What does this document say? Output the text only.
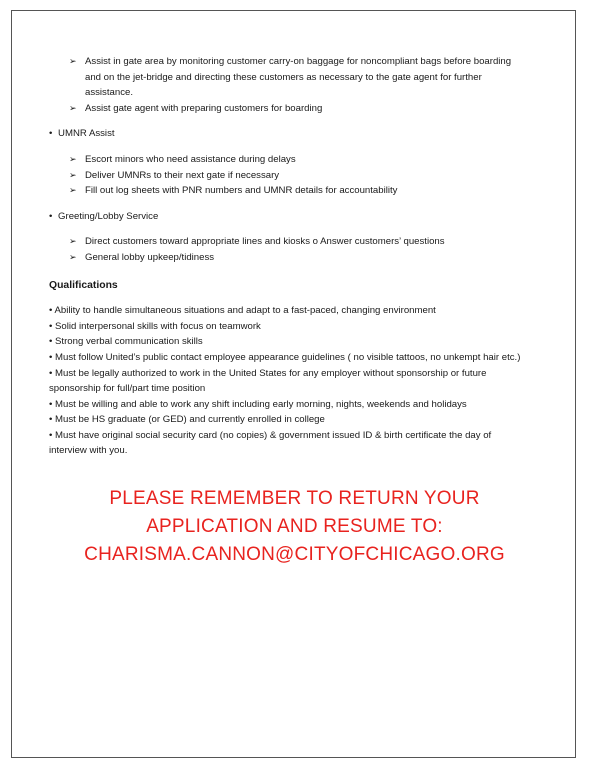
➢ Assist in gate area by monitoring customer carry-on baggage for noncompliant bags before boarding and on the jet-bridge and directing these customers as necessary to the gate agent for further assistance.
➢ Assist gate agent with preparing customers for boarding
• UMNR Assist
➢ Escort minors who need assistance during delays
➢ Deliver UMNRs to their next gate if necessary
➢ Fill out log sheets with PNR numbers and UMNR details for accountability
• Greeting/Lobby Service
➢ Direct customers toward appropriate lines and kiosks o Answer customers’ questions
➢ General lobby upkeep/tidiness
Qualifications
• Ability to handle simultaneous situations and adapt to a fast-paced, changing environment
• Solid interpersonal skills with focus on teamwork
• Strong verbal communication skills
• Must follow United’s public contact employee appearance guidelines ( no visible tattoos, no unkempt hair etc.)
• Must be legally authorized to work in the United States for any employer without sponsorship or future sponsorship for full/part time position
• Must be willing and able to work any shift including early morning, nights, weekends and holidays
• Must be HS graduate (or GED) and currently enrolled in college
• Must have original social security card (no copies) & government issued ID & birth certificate the day of interview with you.
PLEASE REMEMBER TO RETURN YOUR
APPLICATION AND RESUME TO:
CHARISMA.CANNON@CITYOFCHICAGO.ORG
